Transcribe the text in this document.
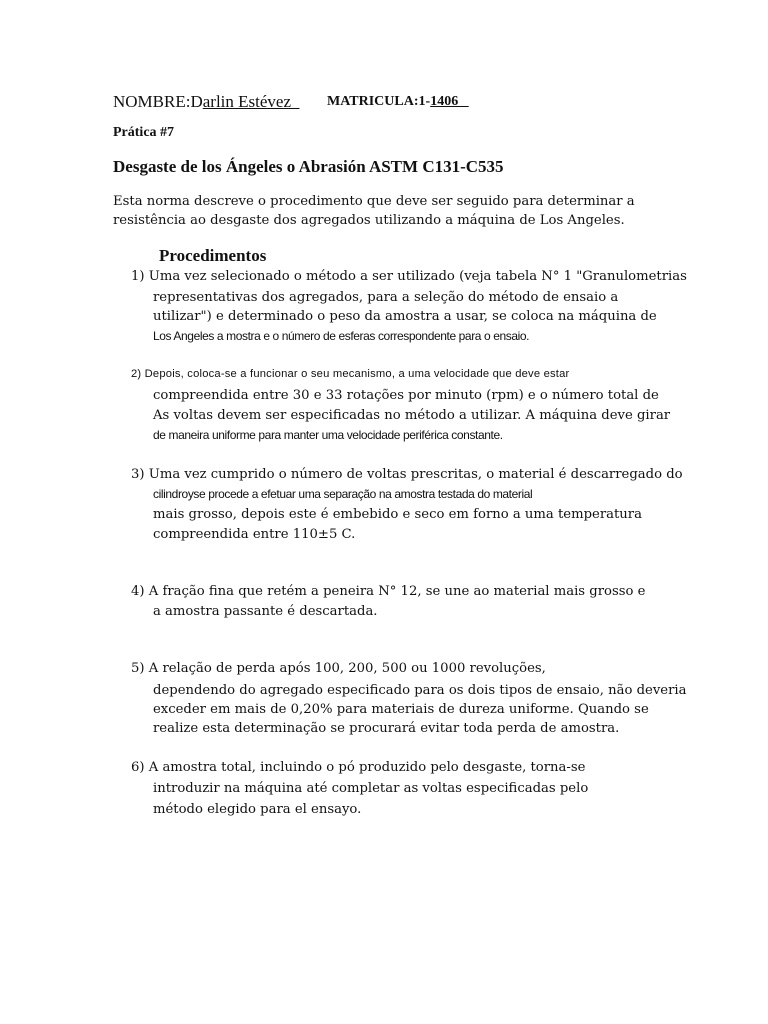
NOMBRE:Darlin Estévez MATRICULA:1-1406
Prática #7
Desgaste de los Ángeles o Abrasión ASTM C131-C535
Esta norma descreve o procedimento que deve ser seguido para determinar a
resistência ao desgaste dos agregados utilizando a máquina de Los Angeles.
Procedimentos
1) Uma vez selecionado o método a ser utilizado (veja tabela N° 1 "Granulometrias
representativas dos agregados, para a seleção do método de ensaio a
utilizar") e determinado o peso da amostra a usar, se coloca na máquina de
Los Angeles a mostra e o número de esferas correspondente para o ensaio.
2) Depois, coloca-se a funcionar o seu mecanismo, a uma velocidade que deve estar
compreendida entre 30 e 33 rotações por minuto (rpm) e o número total de
As voltas devem ser especificadas no método a utilizar. A máquina deve girar
de maneira uniforme para manter uma velocidade periférica constante.
3) Uma vez cumprido o número de voltas prescritas, o material é descarregado do
cilindroyse procede a efetuar uma separação na amostra testada do material
mais grosso, depois este é embebido e seco em forno a uma temperatura
compreendida entre 110±5 C.
4) A fração fina que retém a peneira N° 12, se une ao material mais grosso e
a amostra passante é descartada.
5) A relação de perda após 100, 200, 500 ou 1000 revoluções,
dependendo do agregado especificado para os dois tipos de ensaio, não deveria
exceder em mais de 0,20% para materiais de dureza uniforme. Quando se
realize esta determinação se procurará evitar toda perda de amostra.
6) A amostra total, incluindo o pó produzido pelo desgaste, torna-se
introduzir na máquina até completar as voltas especificadas pelo
método elegido para el ensayo.
